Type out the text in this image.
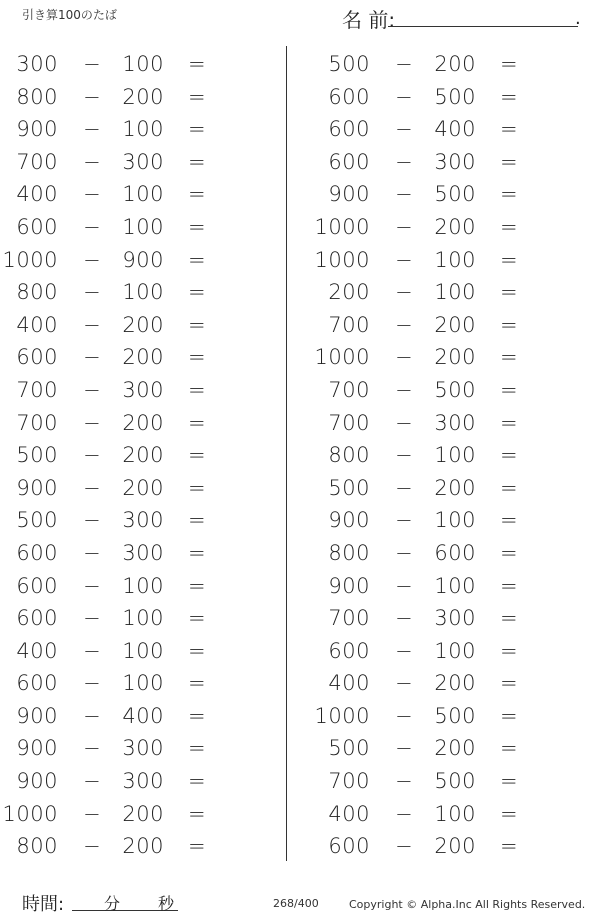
引き算100のたば	名 前:	.
300 − 100 =
800 − 200 =
900 − 100 =
700 − 300 =
400 − 100 =
600 − 100 =
1000 − 900 =
800 − 100 =
400 − 200 =
600 − 200 =
700 − 300 =
700 − 200 =
500 − 200 =
900 − 200 =
500 − 300 =
600 − 300 =
600 − 100 =
600 − 100 =
400 − 100 =
600 − 100 =
900 − 400 =
900 − 300 =
900 − 300 =
1000 − 200 =
800 − 200 =
500 − 200 =
600 − 500 =
600 − 400 =
600 − 300 =
900 − 500 =
1000 − 200 =
1000 − 100 =
200 − 100 =
700 − 200 =
1000 − 200 =
700 − 500 =
700 − 300 =
800 − 100 =
500 − 200 =
900 − 100 =
800 − 600 =
900 − 100 =
700 − 300 =
600 − 100 =
400 − 200 =
1000 − 500 =
500 − 200 =
700 − 500 =
400 − 100 =
600 − 200 =
時間: 分 秒	268/400	Copyright © Alpha.Inc All Rights Reserved.
